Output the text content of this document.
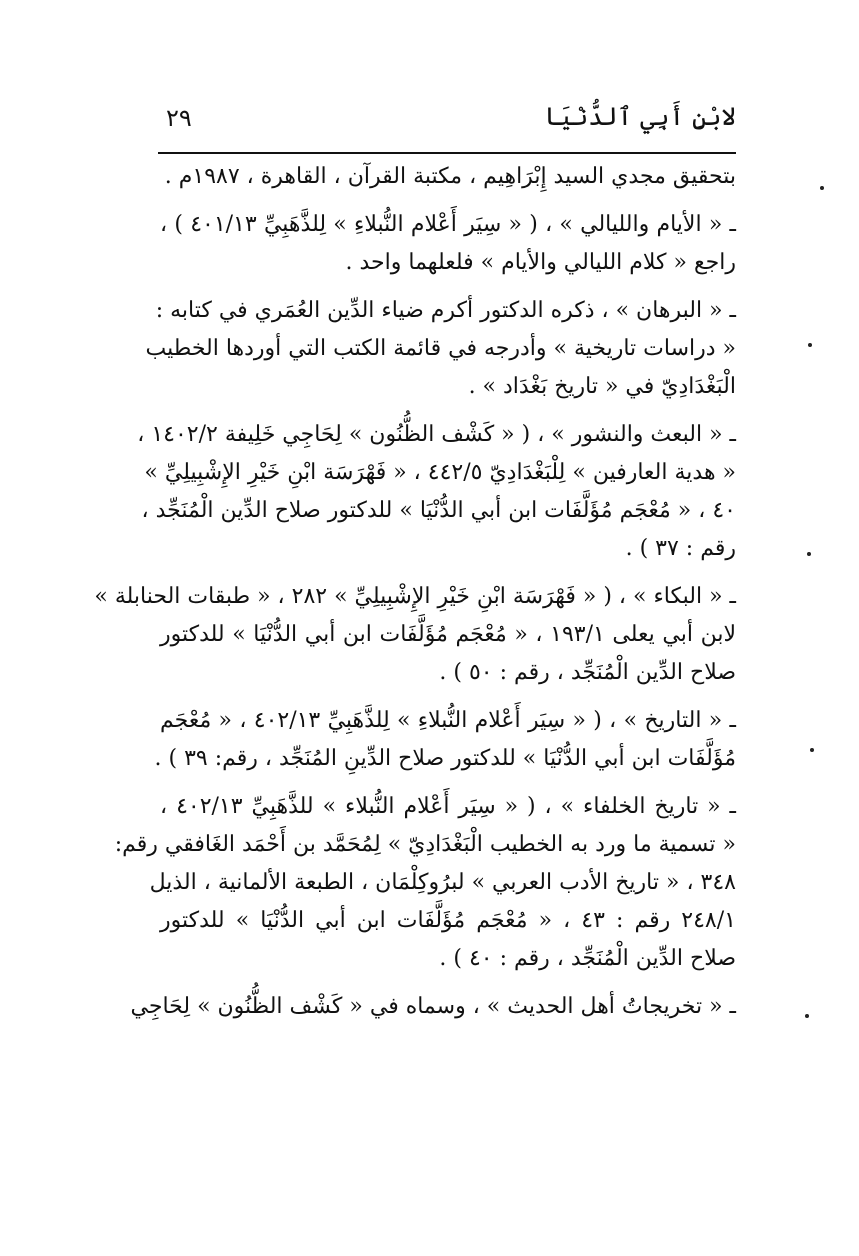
لابْنِ أَبِي ٱلدُّنْيَا
٢٩
بتحقيق مجدي السيد إِبْرَاهِيم ، مكتبة القرآن ، القاهرة ، ١٩٨٧م .
ـ « الأيام والليالي » ، ( « سِيَر أَعْلام النُّبلاءِ » لِلذَّهَبِيِّ ٤٠١/١٣ ) ،
راجع « كلام الليالي والأيام » فلعلهما واحد .
ـ « البرهان » ، ذكره الدكتور أكرم ضياء الدِّين العُمَري في كتابه :
« دراسات تاريخية » وأدرجه في قائمة الكتب التي أوردها الخطيب
الْبَغْدَادِيّ في « تاريخ بَغْدَاد » .
ـ « البعث والنشور » ، ( « كَشْف الظُّنُون » لِحَاجِي خَلِيفة ١٤٠٢/٢ ،
« هدية العارفين » لِلْبَغْدَادِيّ ٤٤٢/٥ ، « فَهْرَسَة ابْنِ خَيْرِ الإِشْبِيلِيِّ »
٤٠ ، « مُعْجَم مُؤَلَّفَات ابن أبي الدُّنْيَا » للدكتور صلاح الدِّين الْمُنَجِّد ،
رقم : ٣٧ ) .
ـ « البكاء » ، ( « فَهْرَسَة ابْنِ خَيْرِ الإِشْبِيلِيِّ » ٢٨٢ ، « طبقات الحنابلة »
لابن أبي يعلى ١٩٣/١ ، « مُعْجَم مُؤَلَّفَات ابن أبي الدُّنْيَا » للدكتور
صلاح الدِّين الْمُنَجِّد ، رقم : ٥٠ ) .
ـ « التاريخ » ، ( « سِيَر أَعْلام النُّبلاءِ » لِلذَّهَبِيِّ ٤٠٢/١٣ ، « مُعْجَم
مُؤَلَّفَات ابن أبي الدُّنْيَا » للدكتور صلاح الدِّينِ المُنَجِّد ، رقم: ٣٩ ) .
ـ « تاريخ الخلفاء » ، ( « سِيَر أَعْلام النُّبلاء » للذَّهَبِيِّ ٤٠٢/١٣ ،
« تسمية ما ورد به الخطيب الْبَغْدَادِيّ » لِمُحَمَّد بن أَحْمَد الغَافقي رقم:
٣٤٨ ، « تاريخ الأدب العربي » لبرُوكِلْمَان ، الطبعة الألمانية ، الذيل
٢٤٨/١ رقم : ٤٣ ، « مُعْجَم مُؤَلَّفَات ابن أبي الدُّنْيَا » للدكتور
صلاح الدِّين الْمُنَجِّد ، رقم : ٤٠ ) .
ـ « تخريجاتُ أهل الحديث » ، وسماه في « كَشْف الظُّنُون » لِحَاجِي
